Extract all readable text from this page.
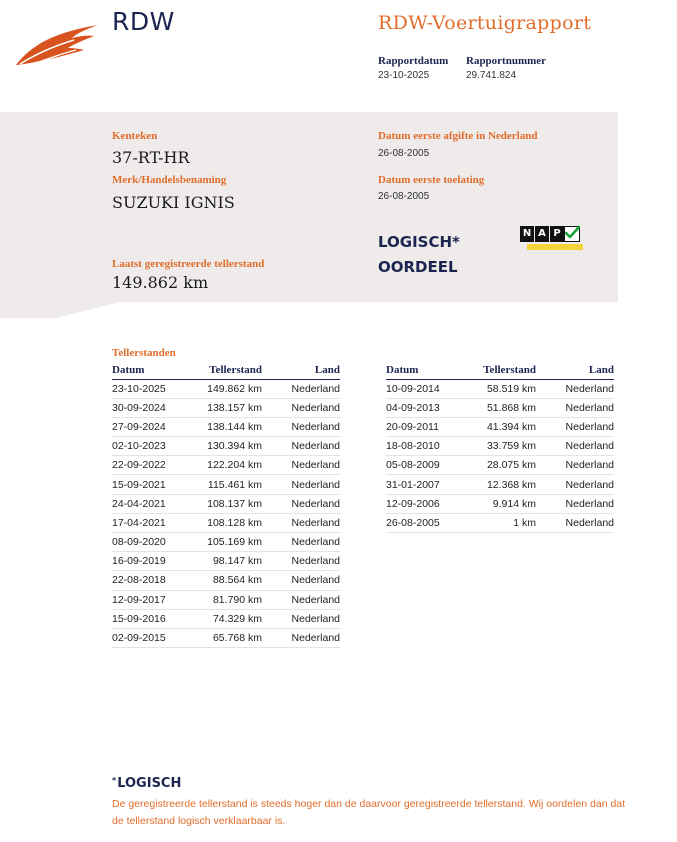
RDW	RDW-Voertuigrapport
Rapportdatum
23-10-2025
Rapportnummer
29.741.824
Kenteken
37-RT-HR
Merk/Handelsbenaming
SUZUKI IGNIS
Laatst geregistreerde tellerstand
149.862 km
Datum eerste afgifte in Nederland
26-08-2005
Datum eerste toelating
26-08-2005
LOGISCH*
OORDEEL
N A P
Tellerstanden
Datum	Tellerstand	Land
23-10-2025	149.862 km	Nederland
30-09-2024	138.157 km	Nederland
27-09-2024	138.144 km	Nederland
02-10-2023	130.394 km	Nederland
22-09-2022	122.204 km	Nederland
15-09-2021	115.461 km	Nederland
24-04-2021	108.137 km	Nederland
17-04-2021	108.128 km	Nederland
08-09-2020	105.169 km	Nederland
16-09-2019	98.147 km	Nederland
22-08-2018	88.564 km	Nederland
12-09-2017	81.790 km	Nederland
15-09-2016	74.329 km	Nederland
02-09-2015	65.768 km	Nederland
Datum	Tellerstand	Land
10-09-2014	58.519 km	Nederland
04-09-2013	51.868 km	Nederland
20-09-2011	41.394 km	Nederland
18-08-2010	33.759 km	Nederland
05-08-2009	28.075 km	Nederland
31-01-2007	12.368 km	Nederland
12-09-2006	9.914 km	Nederland
26-08-2005	1 km	Nederland
*LOGISCH
De geregistreerde tellerstand is steeds hoger dan de daarvoor geregistreerde tellerstand. Wij oordelen dan dat de tellerstand logisch verklaarbaar is.
